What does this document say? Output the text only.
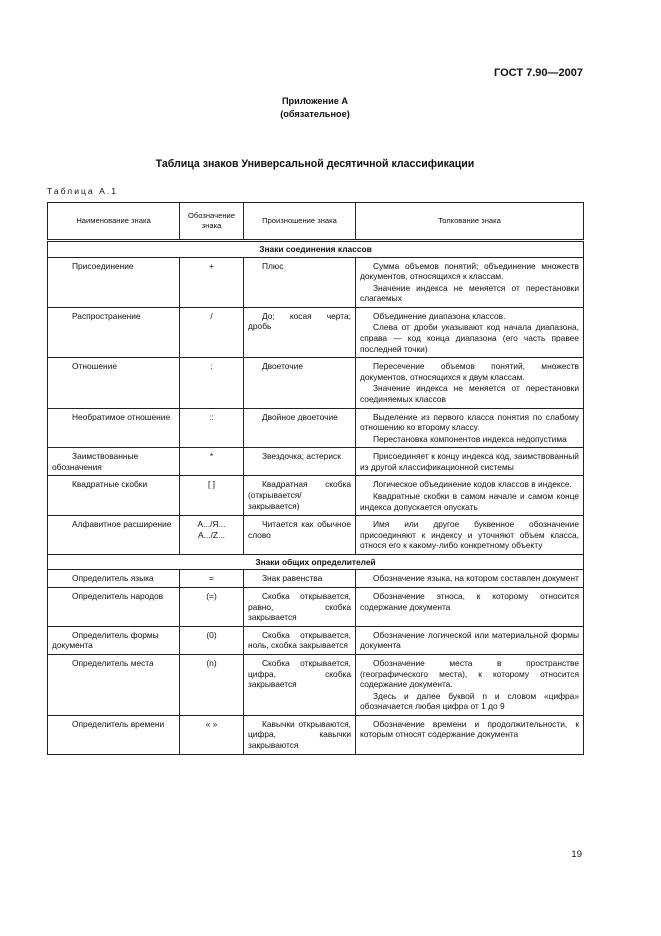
ГОСТ 7.90—2007
Приложение А
(обязательное)
Таблица знаков Универсальной десятичной классификации
Таблица А.1
Наименование знака	Обозначение знака	Произношение знака	Толкование знака
Знаки соединения классов			
Присоединение	+	Плюс	Сумма объемов понятий; объединение множеств документов, относящихся к классам.
Значение индекса не меняется от перестановки слагаемых

Распространение	/	До; косая черта; дробь	Объединение диапазона классов.
Слева от дроби указывают код начала диапазона, справа — код конца диапазона (его часть правее последней точки)

Отношение	:	Двоеточие	Пересечение объемов понятий, множеств документов, относящихся к двум классам.
Значение индекса не меняется от перестановки соединяемых классов

Необратимое отношение	::	Двойное двоеточие	Выделение из первого класса понятия по слабому отношению ко второму классу.
Перестановка компонентов индекса недопустима

Заимствованные обозначения	*	Звездочка; астериск	Присоединяет к концу индекса код, заимствованный из другой классификационной системы

Квадратные скобки	[ ]	Квадратная скобка (открывается/закрывается)	Логическое объединение кодов классов в индексе.
Квадратные скобки в самом начале и самом конце индекса допускается опускать

Алфавитное расширение	А.../Я...
A.../Z...	Читается как обычное слово	Имя или другое буквенное обозначение присоединяют к индексу и уточняют объем класса, относя его к какому-либо конкретному объекту

Знаки общих определителей			
Определитель языка	=	Знак равенства	Обозначение языка, на котором составлен документ

Определитель народов	(=)	Скобка открывается, равно, скобка закрывается	Обозначение этноса, к которому относится содержание документа

Определитель формы документа	(0)	Скобка открывается, ноль, скобка закрывается	Обозначение логической или материальной формы документа

Определитель места	(n)	Скобка открывается, цифра, скобка закрывается	Обозначение места в пространстве (географического места), к которому относится содержание документа.
Здесь и далее буквой n и словом «цифра» обозначается любая цифра от 1 до 9

Определитель времени	« »	Кавычки открываются, цифра, кавычки закрываются	Обозначение времени и продолжительности, к которым относят содержание документа
19
